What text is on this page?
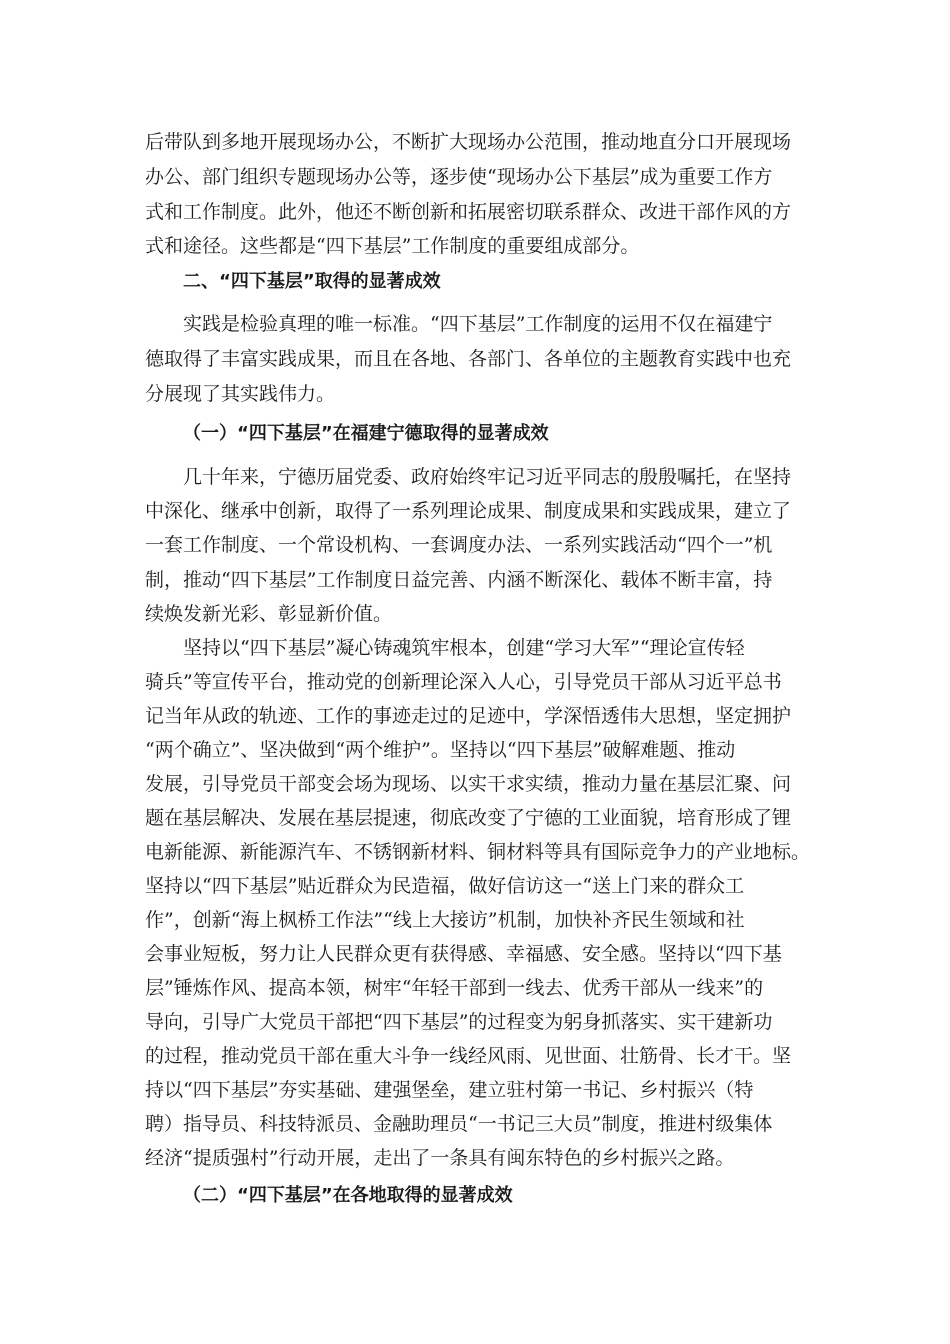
后带队到多地开展现场办公，不断扩大现场办公范围，推动地直分口开展现场
办公、部门组织专题现场办公等，逐步使“现场办公下基层”成为重要工作方
式和工作制度。此外，他还不断创新和拓展密切联系群众、改进干部作风的方
式和途径。这些都是“四下基层”工作制度的重要组成部分。
二、“四下基层”取得的显著成效
实践是检验真理的唯一标准。“四下基层”工作制度的运用不仅在福建宁
德取得了丰富实践成果，而且在各地、各部门、各单位的主题教育实践中也充
分展现了其实践伟力。
（一）“四下基层”在福建宁德取得的显著成效
几十年来，宁德历届党委、政府始终牢记习近平同志的殷殷嘱托，在坚持
中深化、继承中创新，取得了一系列理论成果、制度成果和实践成果，建立了
一套工作制度、一个常设机构、一套调度办法、一系列实践活动“四个一”机
制，推动“四下基层”工作制度日益完善、内涵不断深化、载体不断丰富，持
续焕发新光彩、彰显新价值。
坚持以“四下基层”凝心铸魂筑牢根本，创建“学习大军”“理论宣传轻
骑兵”等宣传平台，推动党的创新理论深入人心，引导党员干部从习近平总书
记当年从政的轨迹、工作的事迹走过的足迹中，学深悟透伟大思想，坚定拥护
“两个确立”、坚决做到“两个维护”。坚持以“四下基层”破解难题、推动
发展，引导党员干部变会场为现场、以实干求实绩，推动力量在基层汇聚、问
题在基层解决、发展在基层提速，彻底改变了宁德的工业面貌，培育形成了锂
电新能源、新能源汽车、不锈钢新材料、铜材料等具有国际竞争力的产业地标。
坚持以“四下基层”贴近群众为民造福，做好信访这一“送上门来的群众工
作”，创新“海上枫桥工作法”“线上大接访”机制，加快补齐民生领域和社
会事业短板，努力让人民群众更有获得感、幸福感、安全感。坚持以“四下基
层”锤炼作风、提高本领，树牢“年轻干部到一线去、优秀干部从一线来”的
导向，引导广大党员干部把“四下基层”的过程变为躬身抓落实、实干建新功
的过程，推动党员干部在重大斗争一线经风雨、见世面、壮筋骨、长才干。坚
持以“四下基层”夯实基础、建强堡垒，建立驻村第一书记、乡村振兴（特
聘）指导员、科技特派员、金融助理员“一书记三大员”制度，推进村级集体
经济“提质强村”行动开展，走出了一条具有闽东特色的乡村振兴之路。
（二）“四下基层”在各地取得的显著成效
